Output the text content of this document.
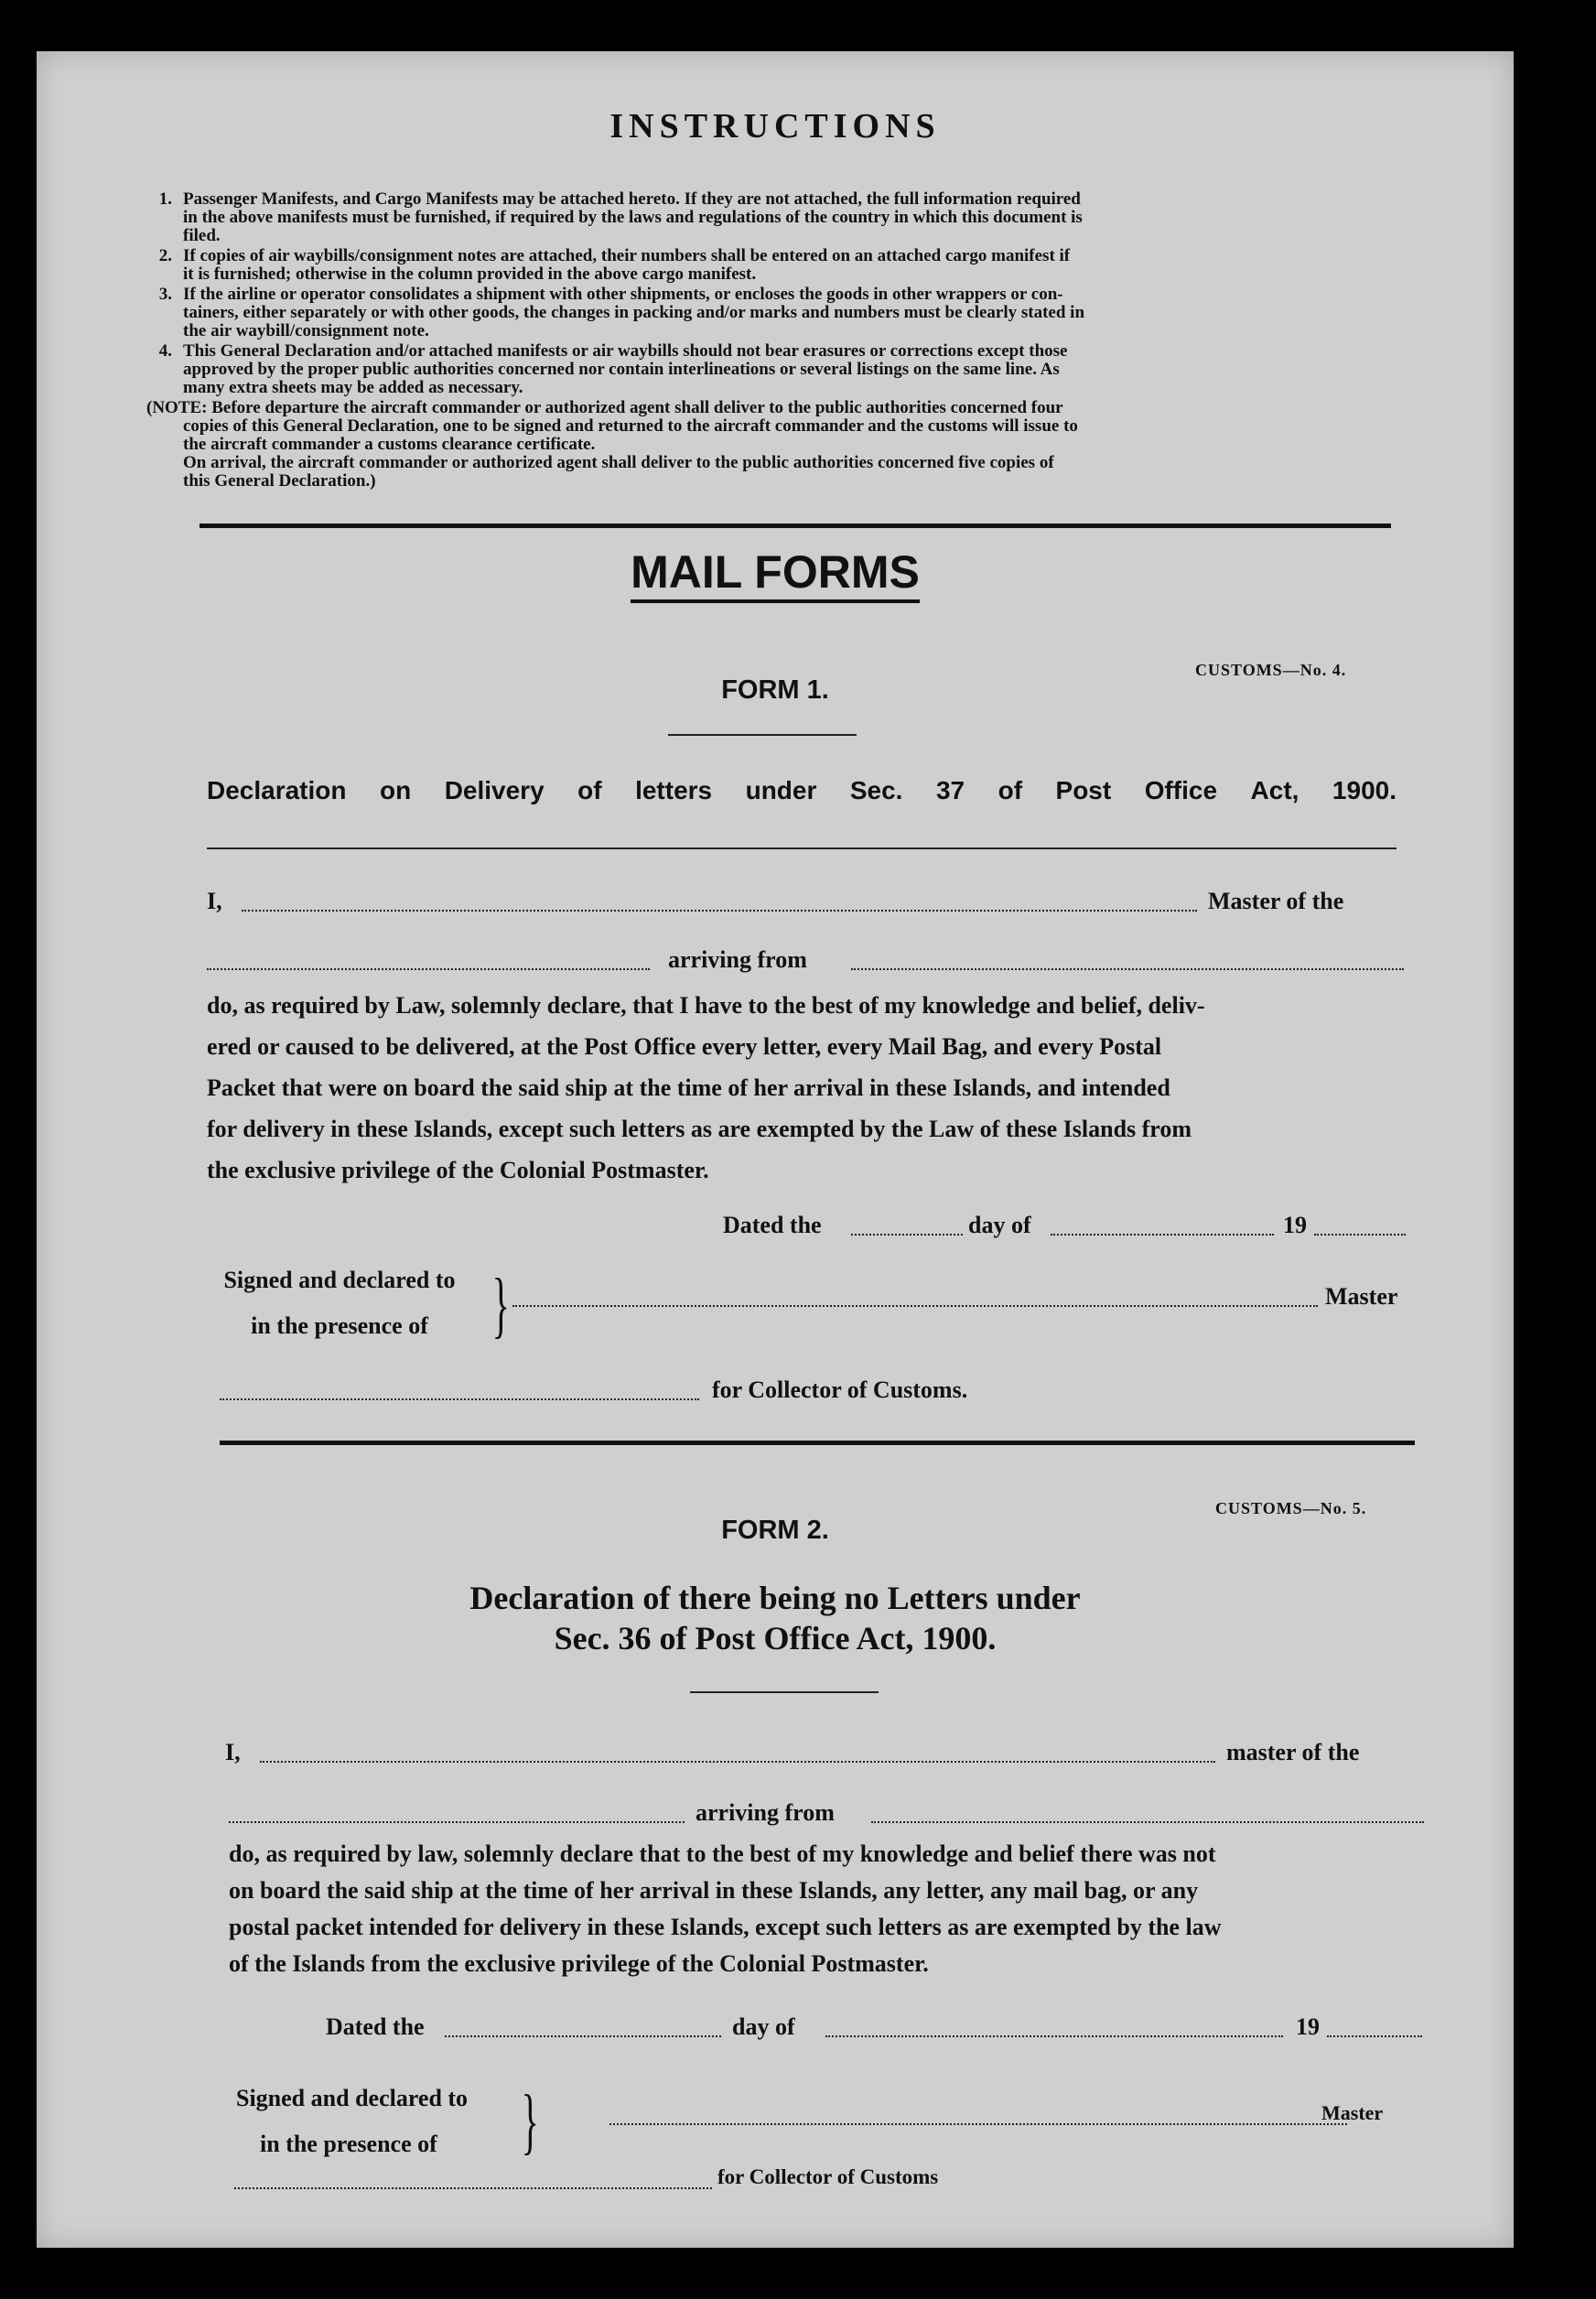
INSTRUCTIONS
1. Passenger Manifests, and Cargo Manifests may be attached hereto. If they are not attached, the full information required
in the above manifests must be furnished, if required by the laws and regulations of the country in which this document is
filed.
2. If copies of air waybills/consignment notes are attached, their numbers shall be entered on an attached cargo manifest if
it is furnished; otherwise in the column provided in the above cargo manifest.
3. If the airline or operator consolidates a shipment with other shipments, or encloses the goods in other wrappers or con-
tainers, either separately or with other goods, the changes in packing and/or marks and numbers must be clearly stated in
the air waybill/consignment note.
4. This General Declaration and/or attached manifests or air waybills should not bear erasures or corrections except those
approved by the proper public authorities concerned nor contain interlineations or several listings on the same line. As
many extra sheets may be added as necessary.
(NOTE: Before departure the aircraft commander or authorized agent shall deliver to the public authorities concerned four
copies of this General Declaration, one to be signed and returned to the aircraft commander and the customs will issue to
the aircraft commander a customs clearance certificate.
On arrival, the aircraft commander or authorized agent shall deliver to the public authorities concerned five copies of
this General Declaration.)
MAIL FORMS
CUSTOMS—No. 4.
FORM 1.
Declaration on Delivery of letters under Sec. 37 of Post Office Act, 1900.
I,	Master of the
arriving from
do, as required by Law, solemnly declare, that I have to the best of my knowledge and belief, deliv-
ered or caused to be delivered, at the Post Office every letter, every Mail Bag, and every Postal
Packet that were on board the said ship at the time of her arrival in these Islands, and intended
for delivery in these Islands, except such letters as are exempted by the Law of these Islands from
the exclusive privilege of the Colonial Postmaster.
Dated the	day of	19
Signed and declared to
in the presence of }	Master
for Collector of Customs.
CUSTOMS—No. 5.
FORM 2.
Declaration of there being no Letters under
Sec. 36 of Post Office Act, 1900.
I,	master of the
arriving from
do, as required by law, solemnly declare that to the best of my knowledge and belief there was not
on board the said ship at the time of her arrival in these Islands, any letter, any mail bag, or any
postal packet intended for delivery in these Islands, except such letters as are exempted by the law
of the Islands from the exclusive privilege of the Colonial Postmaster.
Dated the	day of	19
Signed and declared to
in the presence of	}	Master
for Collector of Customs
